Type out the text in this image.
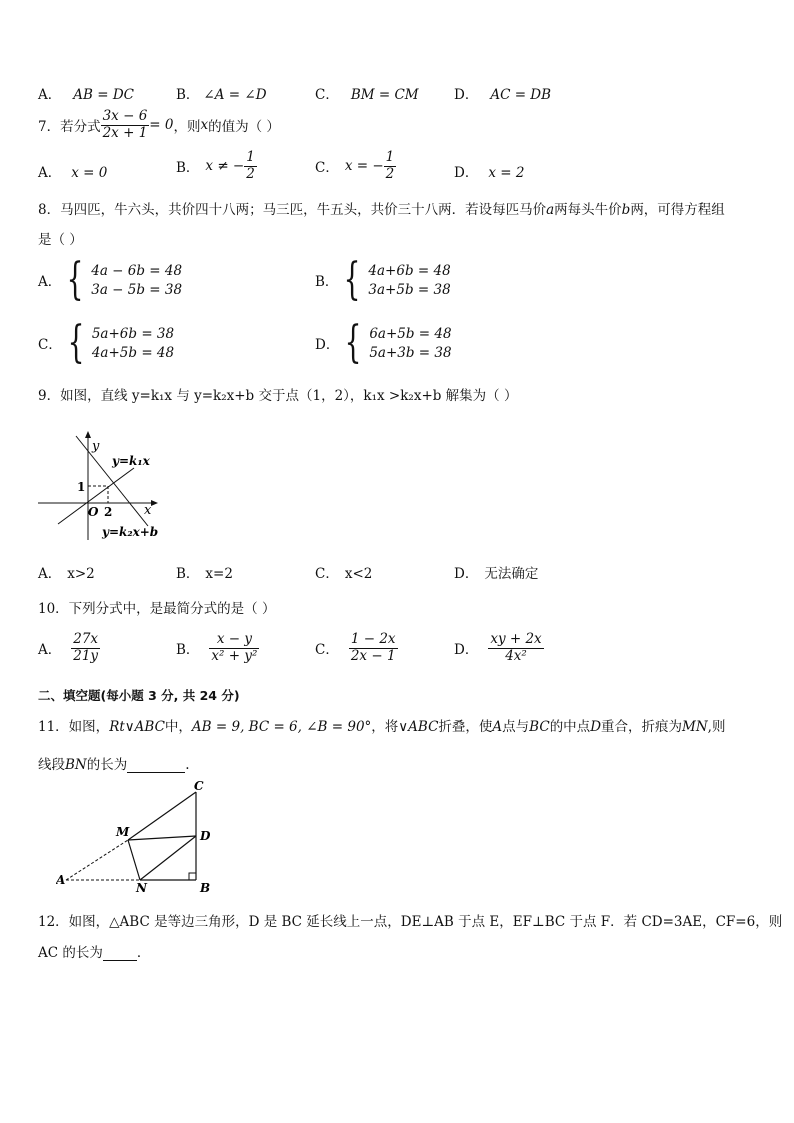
A． AB = DC	B． ∠A = ∠D	C． BM = CM	D． AC = DB
7．若分式 $\frac{3x - 6}{2x + 1} = 0$ ，则 x 的值为（ ）
A． x = 0	B． x ≠ − $\frac{1}{2}$	C． x = − $\frac{1}{2}$	D． x = 2
8．马四匹，牛六头，共价四十八两；马三匹，牛五头，共价三十八两．若设每匹马价a两每头牛价b两，可得方程组
是（ ）
A． { 4a − 6b = 48
3a − 5b = 38	B． { 4a+6b = 48
3a+5b = 38
C． { 5a+6b = 38
4a+5b = 48	D． { 6a+5b = 48
5a+3b = 38
9．如图，直线 y=k₁x 与 y=k₂x+b 交于点（1，2），k₁x >k₂x+b 解集为（ ）
y
x
O 2
1
y=k₁x
y=k₂x+b
A． x>2	B． x=2	C． x<2	D． 无法确定
10．下列分式中，是最简分式的是（ ）
A． $\frac{27x}{21y}$	B． $\frac{x - y}{\text{x² + y²}}$	C． $\frac{1 - 2x}{2x - 1}$	D． $\frac{xy + 2x}{\text{4x²}}$
二、填空题(每小题 3 分, 共 24 分)
11．如图，Rt∨ABC中，AB = 9, BC = 6, ∠B = 90°，将∨ABC折叠，使A点与BC的中点D重合，折痕为MN,则
线段BN的长为	.
A
B
C
D
M
N
12．如图，△ABC 是等边三角形，D 是 BC 延长线上一点，DE⊥AB 于点 E，EF⊥BC 于点 F．若 CD=3AE，CF=6，则
AC 的长为	．
